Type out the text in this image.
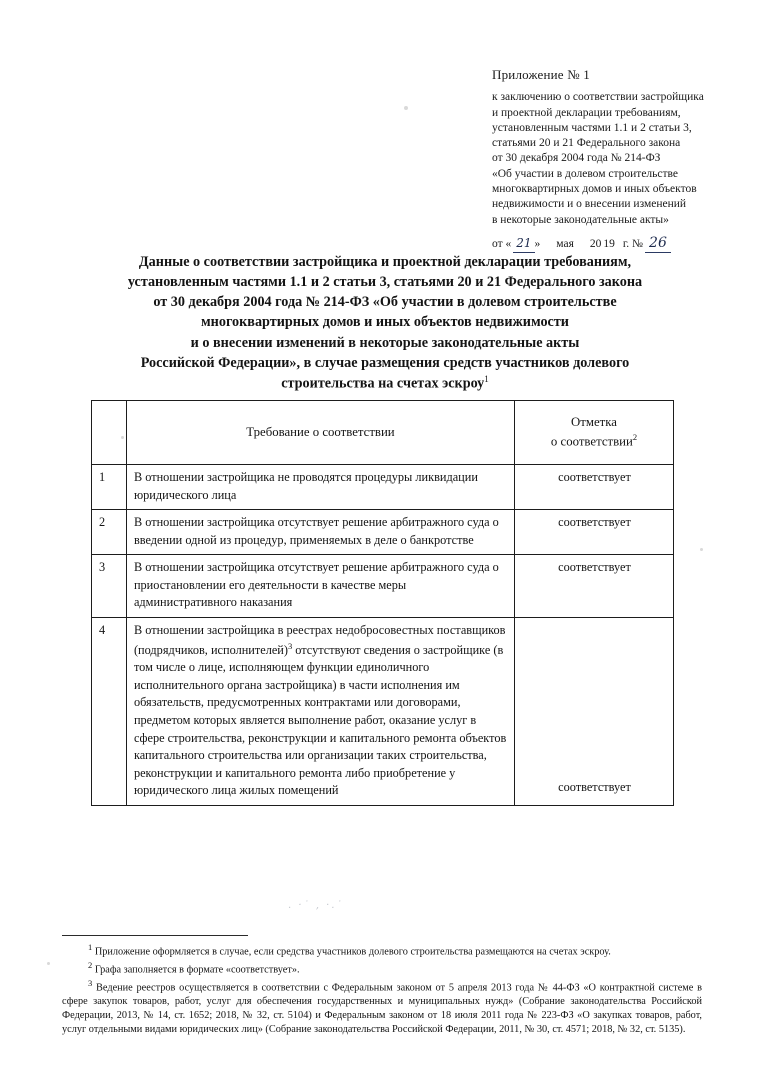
. ·˙ ‚ ·.˙
Приложение № 1
к заключению о соответствии застройщика
и проектной декларации требованиям,
установленным частями 1.1 и 2 статьи 3,
статьями 20 и 21 Федерального закона
от 30 декабря 2004 года № 214-ФЗ
«Об участии в долевом строительстве
многоквартирных домов и иных объектов
недвижимости и о внесении изменений
в некоторые законодательные акты»
от « 21 » мая 20 19 г. № 26
Данные о соответствии застройщика и проектной декларации требованиям,
установленным частями 1.1 и 2 статьи 3, статьями 20 и 21 Федерального закона
от 30 декабря 2004 года № 214-ФЗ «Об участии в долевом строительстве
многоквартирных домов и иных объектов недвижимости
и о внесении изменений в некоторые законодательные акты
Российской Федерации», в случае размещения средств участников долевого
строительства на счетах эскроу$^1$
	Требование о соответствии	Отметка
о соответствии$^2$

1	В отношении застройщика не проводятся процедуры ликвидации юридического лица	соответствует
2	В отношении застройщика отсутствует решение арбитражного суда о введении одной из процедур, применяемых в деле о банкротстве	соответствует
3	В отношении застройщика отсутствует решение арбитражного суда о приостановлении его деятельности в качестве меры административного наказания	соответствует
4	В отношении застройщика в реестрах недобросовестных поставщиков (подрядчиков, исполнителей)$^3$ отсутствуют сведения о застройщике (в том числе о лице, исполняющем функции единоличного исполнительного органа застройщика) в части исполнения им обязательств, предусмотренных контрактами или договорами, предметом которых является выполнение работ, оказание услуг в сфере строительства, реконструкции и капитального ремонта объектов капитального строительства или организации таких строительства, реконструкции и капитального ремонта либо приобретение у юридического лица жилых помещений	соответствует
$^1$ Приложение оформляется в случае, если средства участников долевого строительства размещаются на счетах эскроу.
$^2$ Графа заполняется в формате «соответствует».
$^3$ Ведение реестров осуществляется в соответствии с Федеральным законом от 5 апреля 2013 года № 44-ФЗ «О контрактной системе в сфере закупок товаров, работ, услуг для обеспечения государственных и муниципальных нужд» (Собрание законодательства Российской Федерации, 2013, № 14, ст. 1652; 2018, № 32, ст. 5104) и Федеральным законом от 18 июля 2011 года № 223-ФЗ «О закупках товаров, работ, услуг отдельными видами юридических лиц» (Собрание законодательства Российской Федерации, 2011, № 30, ст. 4571; 2018, № 32, ст. 5135).
